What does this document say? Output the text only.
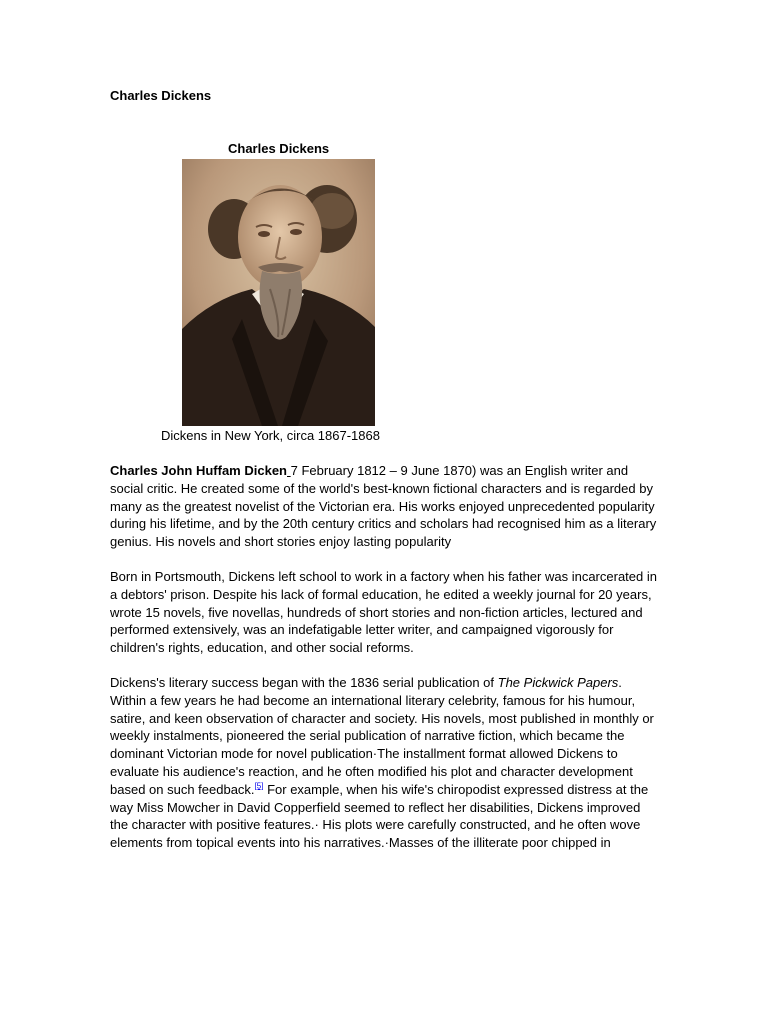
Charles Dickens
Charles Dickens
Dickens in New York, circa 1867-1868

Charles John Huffam Dicken 7 February 1812 – 9 June 1870) was an English writer and social critic. He created some of the world's best-known fictional characters and is regarded by many as the greatest novelist of the Victorian era. His works enjoyed unprecedented popularity during his lifetime, and by the 20th century critics and scholars had recognised him as a literary genius. His novels and short stories enjoy lasting popularity

Born in Portsmouth, Dickens left school to work in a factory when his father was incarcerated in a debtors' prison. Despite his lack of formal education, he edited a weekly journal for 20 years, wrote 15 novels, five novellas, hundreds of short stories and non-fiction articles, lectured and performed extensively, was an indefatigable letter writer, and campaigned vigorously for children's rights, education, and other social reforms.

Dickens's literary success began with the 1836 serial publication of The Pickwick Papers. Within a few years he had become an international literary celebrity, famous for his humour, satire, and keen observation of character and society. His novels, most published in monthly or weekly instalments, pioneered the serial publication of narrative fiction, which became the dominant Victorian mode for novel publication·The installment format allowed Dickens to evaluate his audience's reaction, and he often modified his plot and character development based on such feedback.[5] For example, when his wife's chiropodist expressed distress at the way Miss Mowcher in David Copperfield seemed to reflect her disabilities, Dickens improved the character with positive features.· His plots were carefully constructed, and he often wove elements from topical events into his narratives.·Masses of the illiterate poor chipped in
